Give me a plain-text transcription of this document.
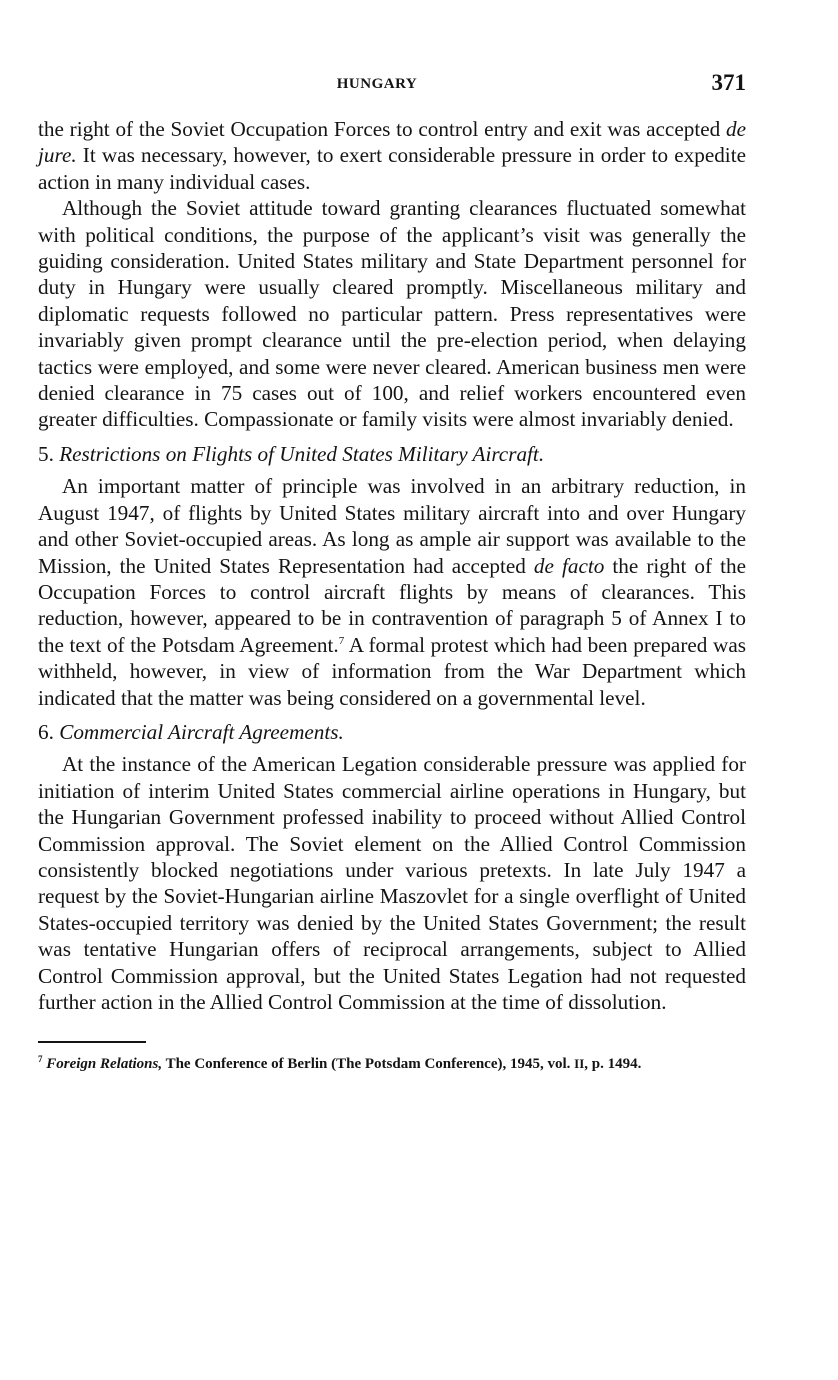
HUNGARY	371

the right of the Soviet Occupation Forces to control entry and exit was accepted de jure. It was necessary, however, to exert considerable pressure in order to expedite action in many individual cases.

Although the Soviet attitude toward granting clearances fluctuated somewhat with political conditions, the purpose of the applicant’s visit was generally the guiding consideration. United States military and State Department personnel for duty in Hungary were usually cleared promptly. Miscellaneous military and diplomatic requests followed no particular pattern. Press representatives were invariably given prompt clearance until the pre-election period, when delaying tactics were employed, and some were never cleared. American business men were denied clearance in 75 cases out of 100, and relief workers encountered even greater difficulties. Compassionate or family visits were almost invariably denied.

5. Restrictions on Flights of United States Military Aircraft.

An important matter of principle was involved in an arbitrary reduction, in August 1947, of flights by United States military aircraft into and over Hungary and other Soviet-occupied areas. As long as ample air support was available to the Mission, the United States Representation had accepted de facto the right of the Occupation Forces to control aircraft flights by means of clearances. This reduction, however, appeared to be in contravention of paragraph 5 of Annex I to the text of the Potsdam Agreement.$^7$ A formal protest which had been prepared was withheld, however, in view of information from the War Department which indicated that the matter was being considered on a governmental level.

6. Commercial Aircraft Agreements.

At the instance of the American Legation considerable pressure was applied for initiation of interim United States commercial airline operations in Hungary, but the Hungarian Government professed inability to proceed without Allied Control Commission approval. The Soviet element on the Allied Control Commission consistently blocked negotiations under various pretexts. In late July 1947 a request by the Soviet-Hungarian airline Maszovlet for a single overflight of United States-occupied territory was denied by the United States Government; the result was tentative Hungarian offers of reciprocal arrangements, subject to Allied Control Commission approval, but the United States Legation had not requested further action in the Allied Control Commission at the time of dissolution.

$^7$ Foreign Relations, The Conference of Berlin (The Potsdam Conference), 1945, vol. II, p. 1494.
